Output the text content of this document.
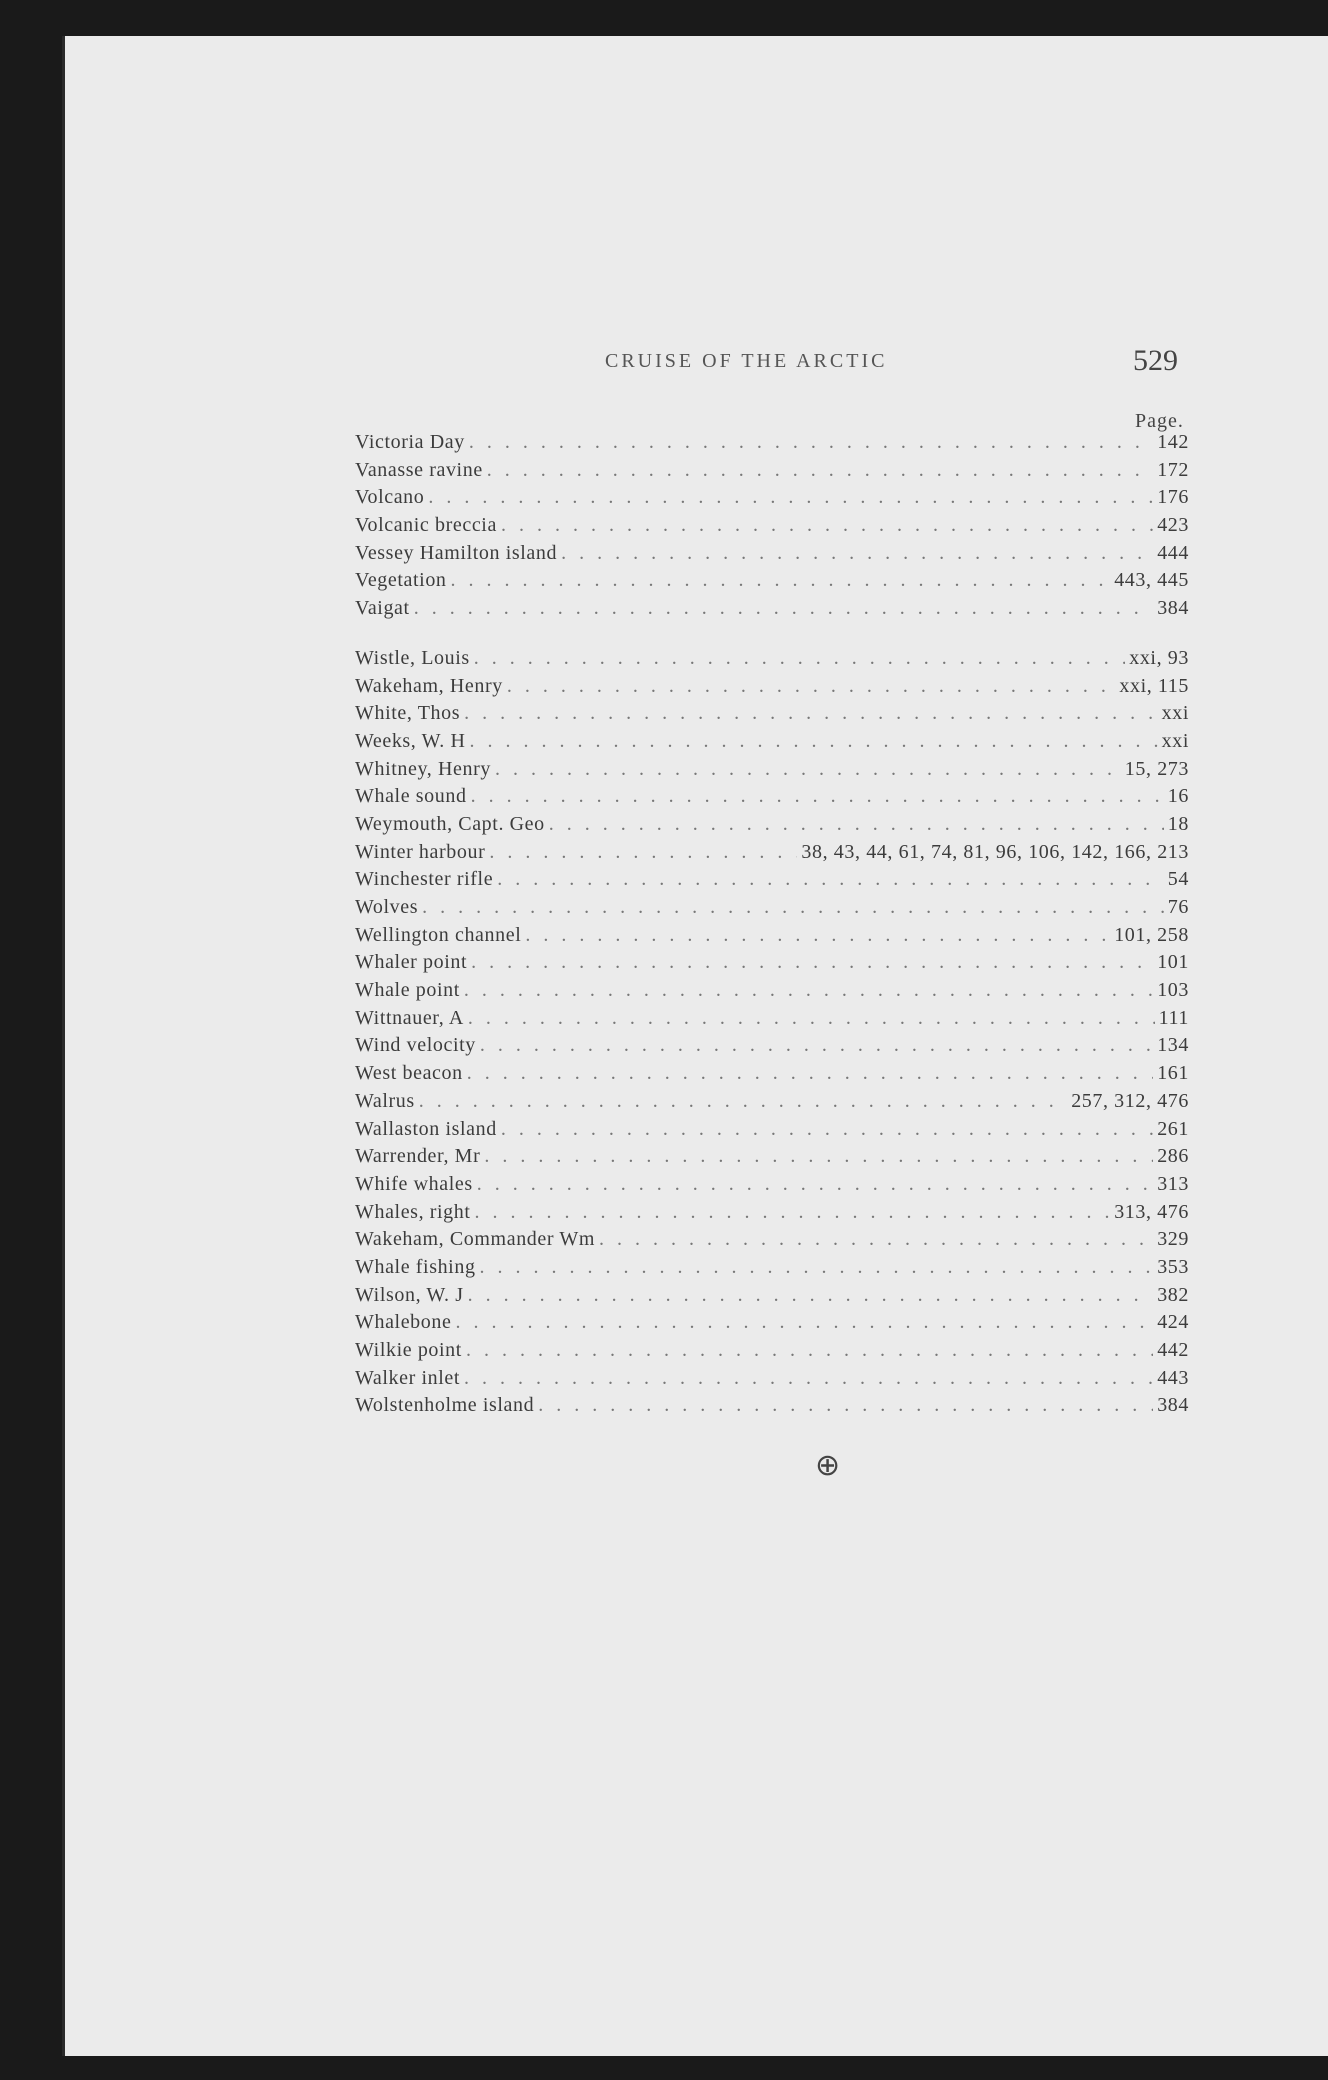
CRUISE OF THE ARCTIC	529
Page.
Victoria Day . . .	142
Vanasse ravine . . .	172
Volcano . . .	176
Volcanic breccia . . .	423
Vessey Hamilton island . . .	444
Vegetation . . .	443, 445
Vaigat . . .	384
Wistle, Louis . . .	xxi, 93
Wakeham, Henry . . .	xxi, 115
White, Thos . . .	xxi
Weeks, W. H . . .	xxi
Whitney, Henry . . .	15, 273
Whale sound . . .	16
Weymouth, Capt. Geo . . .	18
Winter harbour . . .	38, 43, 44, 61, 74, 81, 96, 106, 142, 166, 213
Winchester rifle . . .	54
Wolves . . .	76
Wellington channel . . .	101, 258
Whaler point . . .	101
Whale point . . .	103
Wittnauer, A . . .	111
Wind velocity . . .	134
West beacon . . .	161
Walrus . . .	257, 312, 476
Wallaston island . . .	261
Warrender, Mr . . .	286
Whife whales . . .	313
Whales, right . . .	313, 476
Wakeham, Commander Wm . . .	329
Whale fishing . . .	353
Wilson, W. J . . .	382
Whalebone . . .	424
Wilkie point . . .	442
Walker inlet . . .	443
Wolstenholme island . . .	384
⊕
